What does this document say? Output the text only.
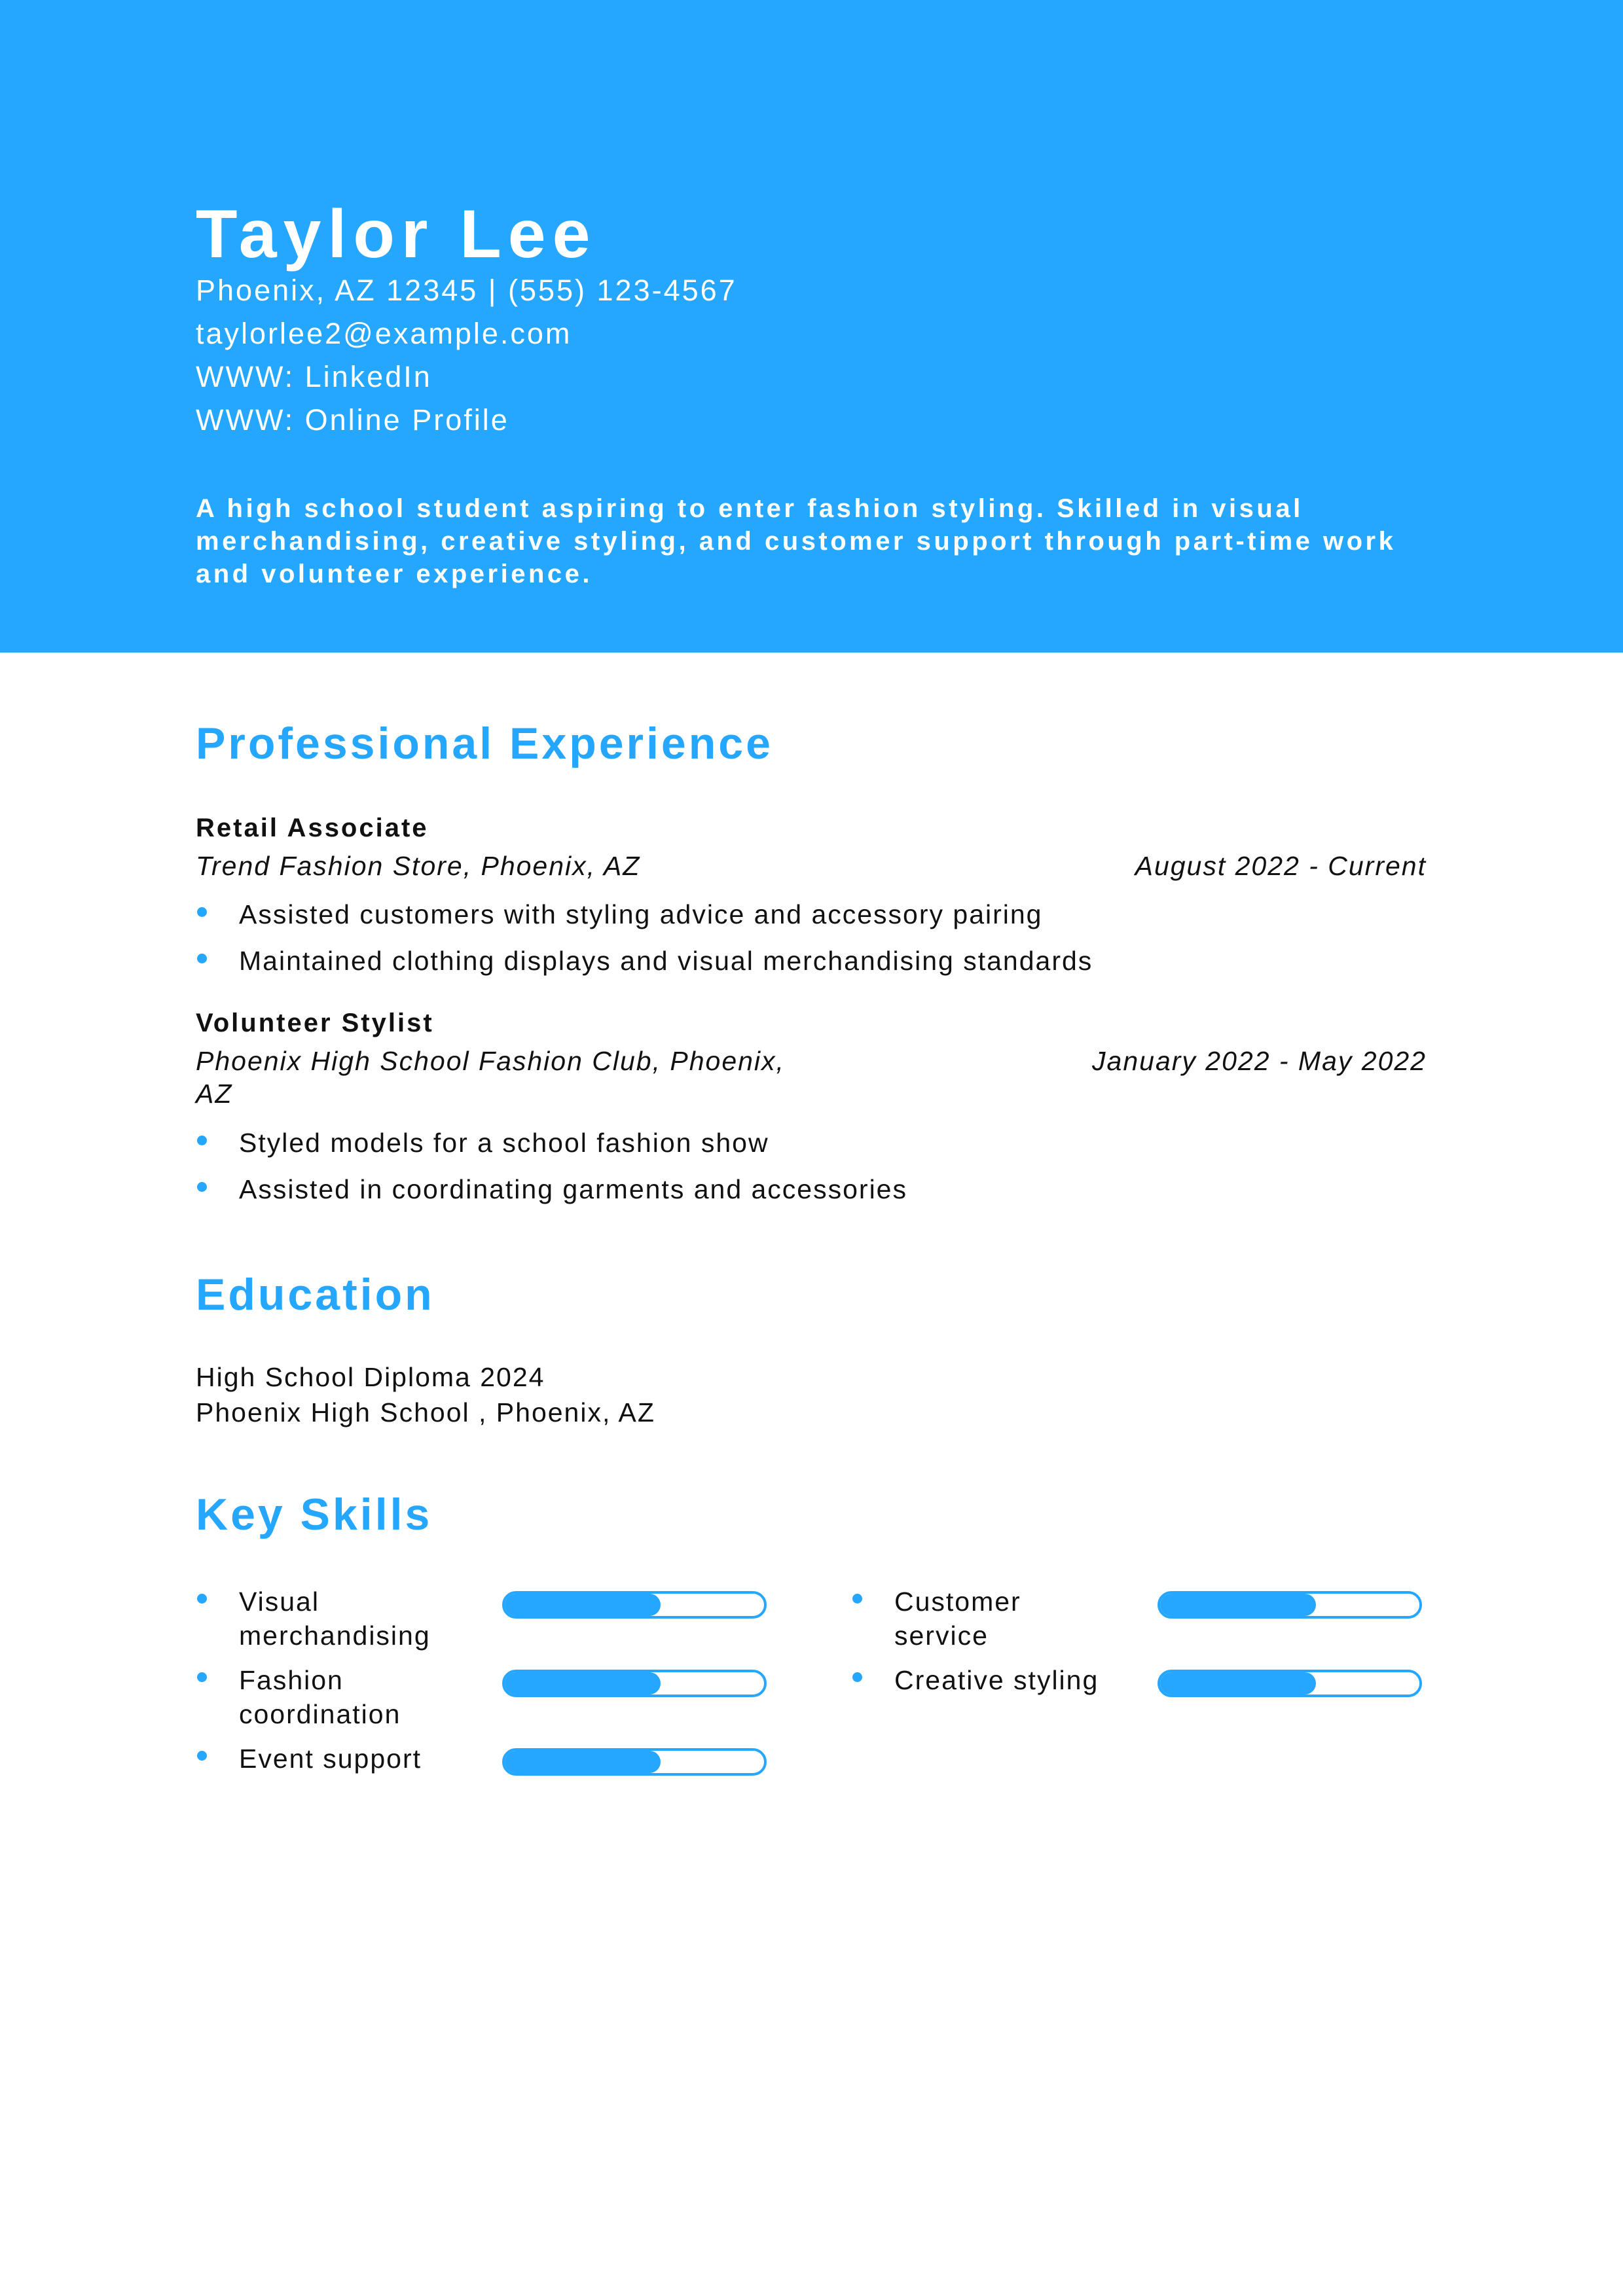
Taylor Lee
Phoenix, AZ 12345 | (555) 123-4567
taylorlee2@example.com
WWW: LinkedIn
WWW: Online Profile
A high school student aspiring to enter fashion styling. Skilled in visual merchandising, creative styling, and customer support through part-time work and volunteer experience.
Professional Experience
Retail Associate
Trend Fashion Store, Phoenix, AZ	August 2022 - Current
Assisted customers with styling advice and accessory pairing
Maintained clothing displays and visual merchandising standards
Volunteer Stylist
Phoenix High School Fashion Club, Phoenix, AZ
January 2022 - May 2022
Styled models for a school fashion show
Assisted in coordinating garments and accessories
Education
High School Diploma 2024
Phoenix High School , Phoenix, AZ
Key Skills
Visual merchandising
Customer service
Fashion coordination
Creative styling
Event support
